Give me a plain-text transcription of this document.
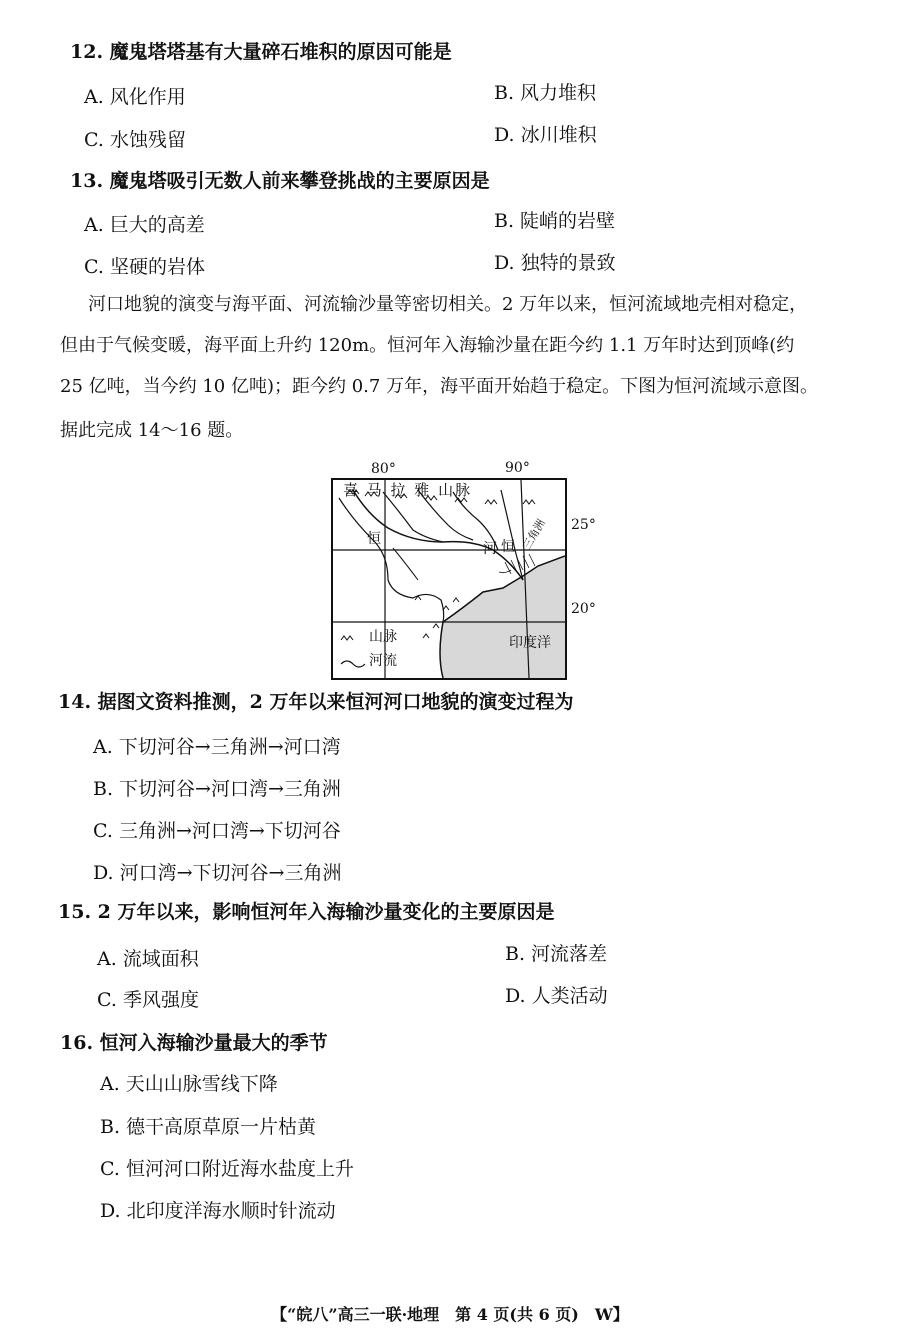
12. 魔鬼塔塔基有大量碎石堆积的原因可能是
A. 风化作用	B. 风力堆积
C. 水蚀残留	D. 冰川堆积
13. 魔鬼塔吸引无数人前来攀登挑战的主要原因是
A. 巨大的高差	B. 陡峭的岩壁
C. 坚硬的岩体	D. 独特的景致
河口地貌的演变与海平面、河流输沙量等密切相关。2 万年以来，恒河流域地壳相对稳定，
但由于气候变暖，海平面上升约 120m。恒河年入海输沙量在距今约 1.1 万年时达到顶峰(约
25 亿吨，当今约 10 亿吨)；距今约 0.7 万年，海平面开始趋于稳定。下图为恒河流域示意图。
据此完成 14～16 题。
80°	90°
25°
20°
喜 马 拉 雅 山脉
恒
河 恒 三角洲
印度洋
山脉
河流
14. 据图文资料推测，2 万年以来恒河河口地貌的演变过程为
A. 下切河谷→三角洲→河口湾
B. 下切河谷→河口湾→三角洲
C. 三角洲→河口湾→下切河谷
D. 河口湾→下切河谷→三角洲
15. 2 万年以来，影响恒河年入海输沙量变化的主要原因是
A. 流域面积	B. 河流落差
C. 季风强度	D. 人类活动
16. 恒河入海输沙量最大的季节
A. 天山山脉雪线下降
B. 德干高原草原一片枯黄
C. 恒河河口附近海水盐度上升
D. 北印度洋海水顺时针流动
【“皖八”高三一联·地理　第 4 页(共 6 页)　W】
